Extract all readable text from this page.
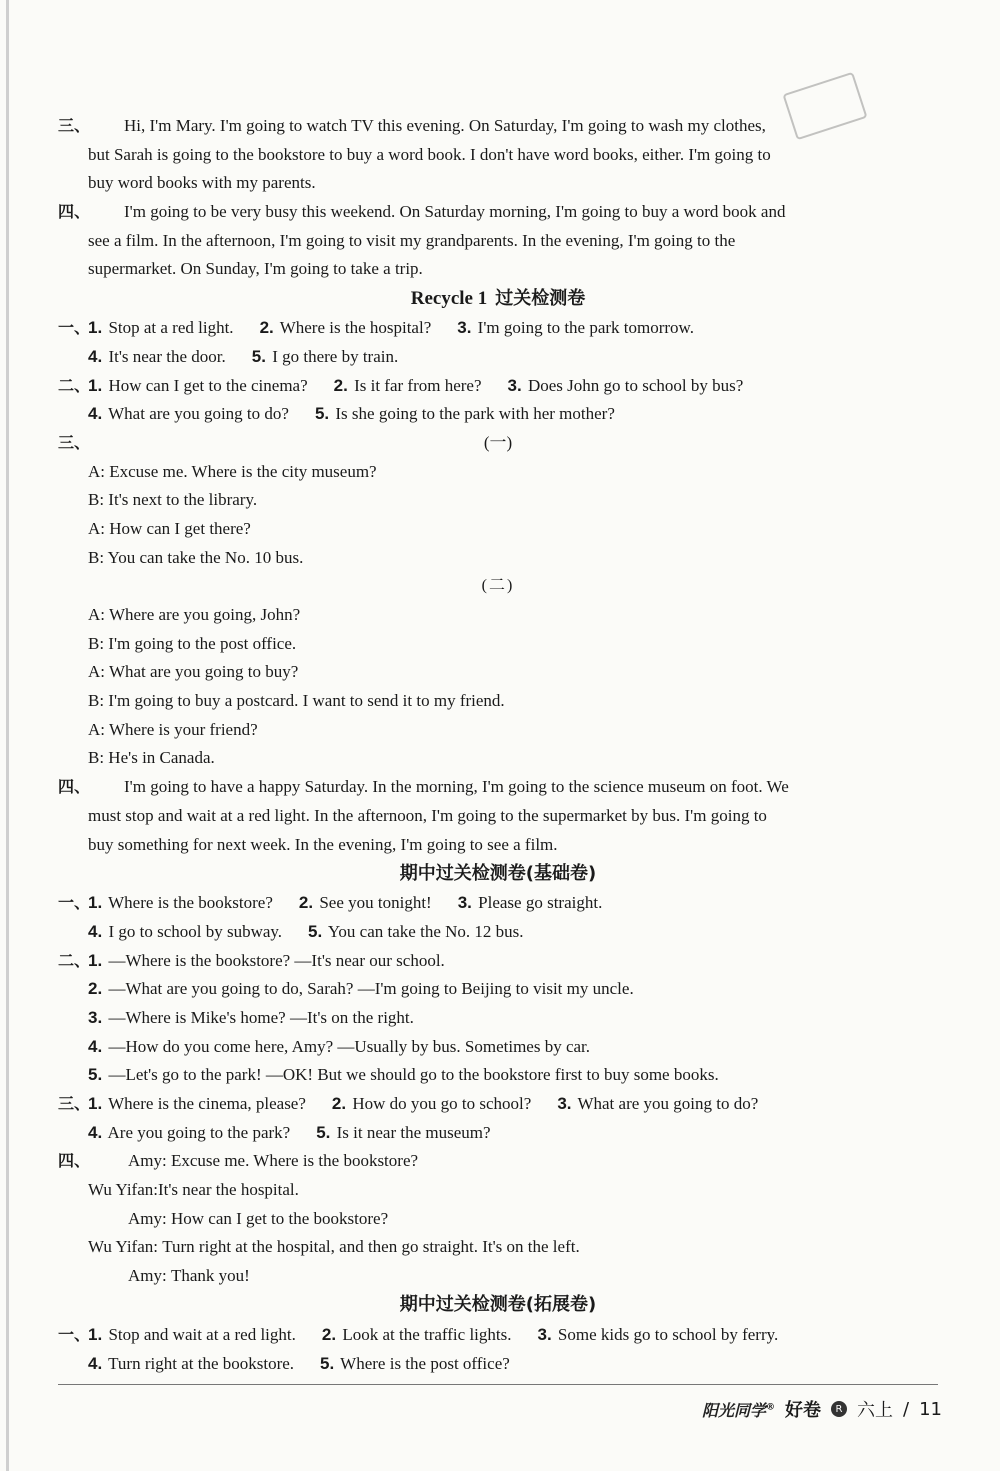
三、	Hi, I'm Mary. I'm going to watch TV this evening. On Saturday, I'm going to wash my clothes,
but Sarah is going to the bookstore to buy a word book. I don't have word books, either. I'm going to
buy word books with my parents.
四、	I'm going to be very busy this weekend. On Saturday morning, I'm going to buy a word book and
see a film. In the afternoon, I'm going to visit my grandparents. In the evening, I'm going to the
supermarket. On Sunday, I'm going to take a trip.
Recycle 1 过关检测卷
一、
1. Stop at a red light. 2. Where is the hospital? 3. I'm going to the park tomorrow.
4. It's near the door. 5. I go there by train.
二、
1. How can I get to the cinema? 2. Is it far from here? 3. Does John go to school by bus?
4. What are you going to do? 5. Is she going to the park with her mother?
三、	(一)
A: Excuse me. Where is the city museum?
B: It's next to the library.
A: How can I get there?
B: You can take the No. 10 bus.
(二)
A: Where are you going, John?
B: I'm going to the post office.
A: What are you going to buy?
B: I'm going to buy a postcard. I want to send it to my friend.
A: Where is your friend?
B: He's in Canada.
四、	I'm going to have a happy Saturday. In the morning, I'm going to the science museum on foot. We
must stop and wait at a red light. In the afternoon, I'm going to the supermarket by bus. I'm going to
buy something for next week. In the evening, I'm going to see a film.
期中过关检测卷(基础卷)
一、
1. Where is the bookstore? 2. See you tonight! 3. Please go straight.
4. I go to school by subway. 5. You can take the No. 12 bus.
二、
1.
—Where is the bookstore? —It's near our school.
2.
—What are you going to do, Sarah? —I'm going to Beijing to visit my uncle.
3.
—Where is Mike's home? —It's on the right.
4.
—How do you come here, Amy? —Usually by bus. Sometimes by car.
5.
—Let's go to the park! —OK! But we should go to the bookstore first to buy some books.
三、
1. Where is the cinema, please? 2. How do you go to school? 3. What are you going to do?
4. Are you going to the park? 5. Is it near the museum?
四、	Amy:
Excuse me. Where is the bookstore?
Wu Yifan: It's near the hospital.
Amy:
How can I get to the bookstore?
Wu Yifan:
Turn right at the hospital, and then go straight. It's on the left.
Amy:
Thank you!
期中过关检测卷(拓展卷)
一、
1. Stop and wait at a red light. 2. Look at the traffic lights. 3. Some kids go to school by ferry.
4. Turn right at the bookstore. 5. Where is the post office?
阳光同学® 好卷	R 六上 / 11
